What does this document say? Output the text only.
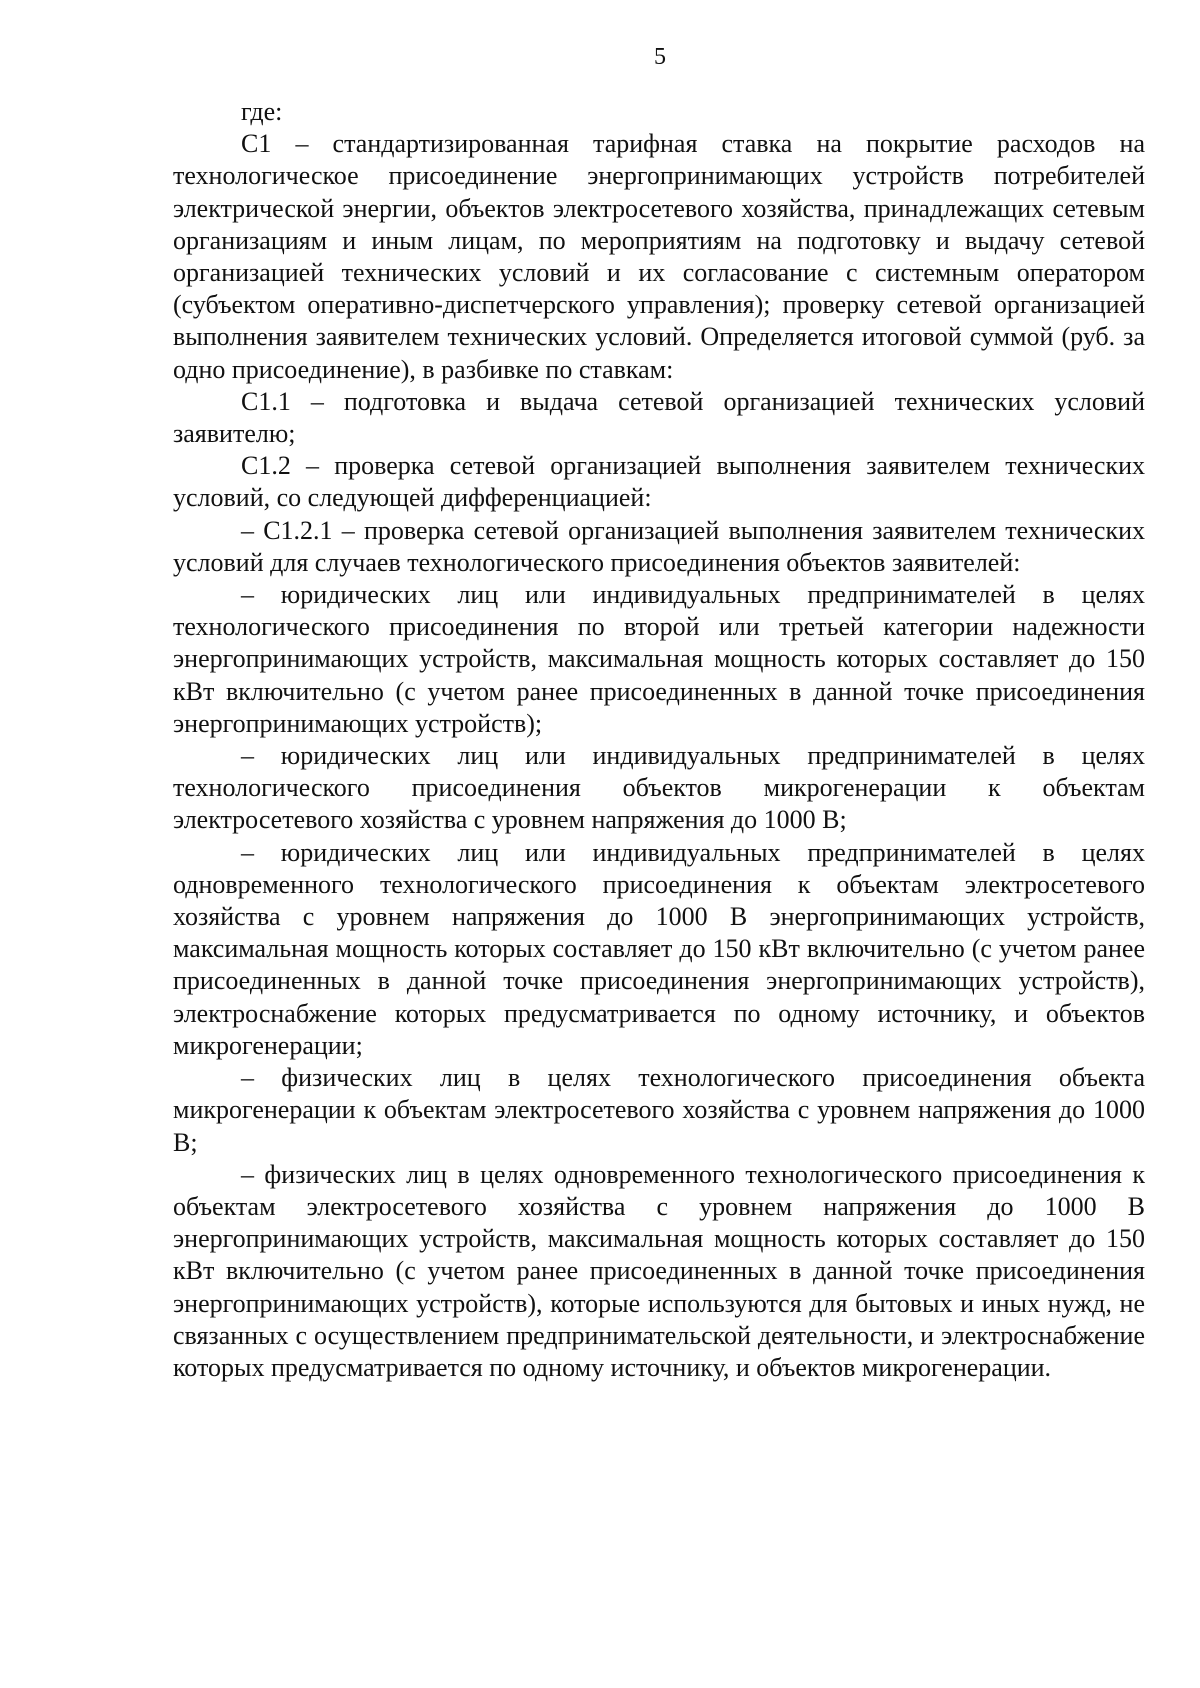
5

где:

С1 – стандартизированная тарифная ставка на покрытие расходов на технологическое присоединение энергопринимающих устройств потребителей электрической энергии, объектов электросетевого хозяйства, принадлежащих сетевым организациям и иным лицам, по мероприятиям на подготовку и выдачу сетевой организацией технических условий и их согласование с системным оператором (субъектом оперативно-диспетчерского управления); проверку сетевой организацией выполнения заявителем технических условий. Определяется итоговой суммой (руб. за одно присоединение), в разбивке по ставкам:

С1.1 – подготовка и выдача сетевой организацией технических условий заявителю;

С1.2 – проверка сетевой организацией выполнения заявителем технических условий, со следующей дифференциацией:

– С1.2.1 – проверка сетевой организацией выполнения заявителем технических условий для случаев технологического присоединения объектов заявителей:

– юридических лиц или индивидуальных предпринимателей в целях технологического присоединения по второй или третьей категории надежности энергопринимающих устройств, максимальная мощность которых составляет до 150 кВт включительно (с учетом ранее присоединенных в данной точке присоединения энергопринимающих устройств);

– юридических лиц или индивидуальных предпринимателей в целях технологического присоединения объектов микрогенерации к объектам электросетевого хозяйства с уровнем напряжения до 1000 В;

– юридических лиц или индивидуальных предпринимателей в целях одновременного технологического присоединения к объектам электросетевого хозяйства с уровнем напряжения до 1000 В энергопринимающих устройств, максимальная мощность которых составляет до 150 кВт включительно (с учетом ранее присоединенных в данной точке присоединения энергопринимающих устройств), электроснабжение которых предусматривается по одному источнику, и объектов микрогенерации;

– физических лиц в целях технологического присоединения объекта микрогенерации к объектам электросетевого хозяйства с уровнем напряжения до 1000 В;

– физических лиц в целях одновременного технологического присоединения к объектам электросетевого хозяйства с уровнем напряжения до 1000 В энергопринимающих устройств, максимальная мощность которых составляет до 150 кВт включительно (с учетом ранее присоединенных в данной точке присоединения энергопринимающих устройств), которые используются для бытовых и иных нужд, не связанных с осуществлением предпринимательской деятельности, и электроснабжение которых предусматривается по одному источнику, и объектов микрогенерации.
